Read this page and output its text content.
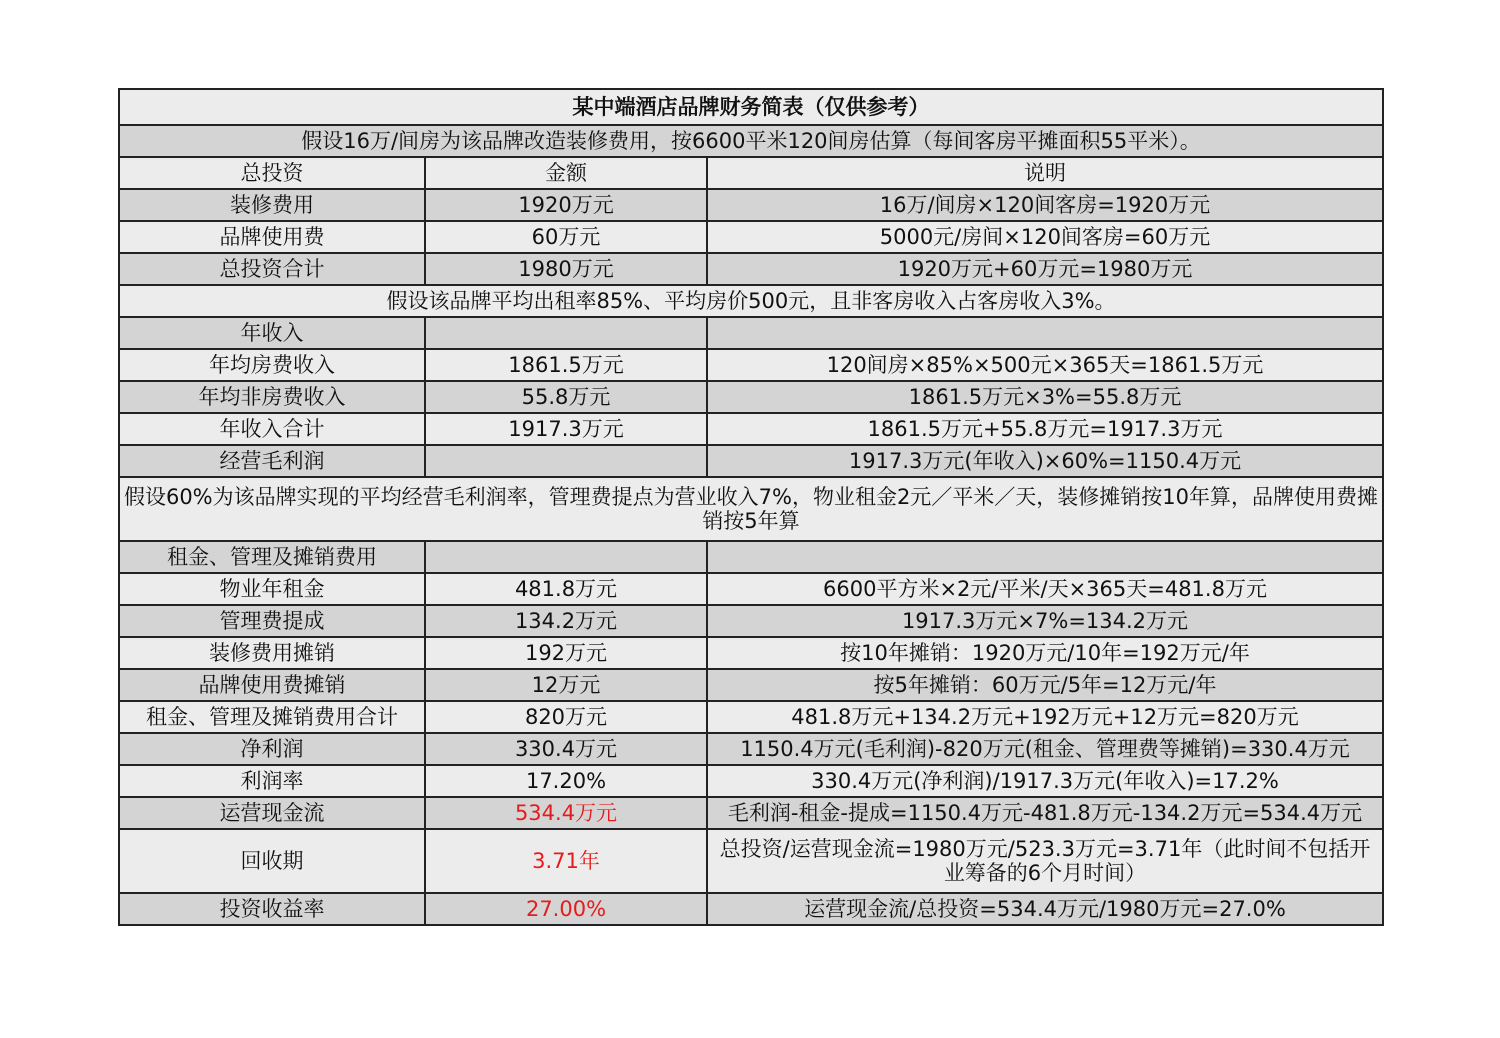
某中端酒店品牌财务简表（仅供参考）		
假设16万/间房为该品牌改造装修费用，按6600平米120间房估算（每间客房平摊面积55平米）。		
总投资	金额	说明
装修费用	1920万元	16万/间房×120间客房=1920万元
品牌使用费	60万元	5000元/房间×120间客房=60万元
总投资合计	1980万元	1920万元+60万元=1980万元
假设该品牌平均出租率85%、平均房价500元，且非客房收入占客房收入3%。		
年收入		
年均房费收入	1861.5万元	120间房×85%×500元×365天=1861.5万元
年均非房费收入	55.8万元	1861.5万元×3%=55.8万元
年收入合计	1917.3万元	1861.5万元+55.8万元=1917.3万元
经营毛利润		1917.3万元(年收入)×60%=1150.4万元
假设60%为该品牌实现的平均经营毛利润率，管理费提点为营业收入7%，物业租金2元／平米／天，装修摊销按10年算，品牌使用费摊销按5年算		
租金、管理及摊销费用		
物业年租金	481.8万元	6600平方米×2元/平米/天×365天=481.8万元
管理费提成	134.2万元	1917.3万元×7%=134.2万元
装修费用摊销	192万元	按10年摊销：1920万元/10年=192万元/年
品牌使用费摊销	12万元	按5年摊销：60万元/5年=12万元/年
租金、管理及摊销费用合计	820万元	481.8万元+134.2万元+192万元+12万元=820万元
净利润	330.4万元	1150.4万元(毛利润)-820万元(租金、管理费等摊销)=330.4万元
利润率	17.20%	330.4万元(净利润)/1917.3万元(年收入)=17.2%
运营现金流	534.4万元	毛利润-租金-提成=1150.4万元-481.8万元-134.2万元=534.4万元
回收期	3.71年	总投资/运营现金流=1980万元/523.3万元=3.71年（此时间不包括开业筹备的6个月时间）
投资收益率	27.00%	运营现金流/总投资=534.4万元/1980万元=27.0%
